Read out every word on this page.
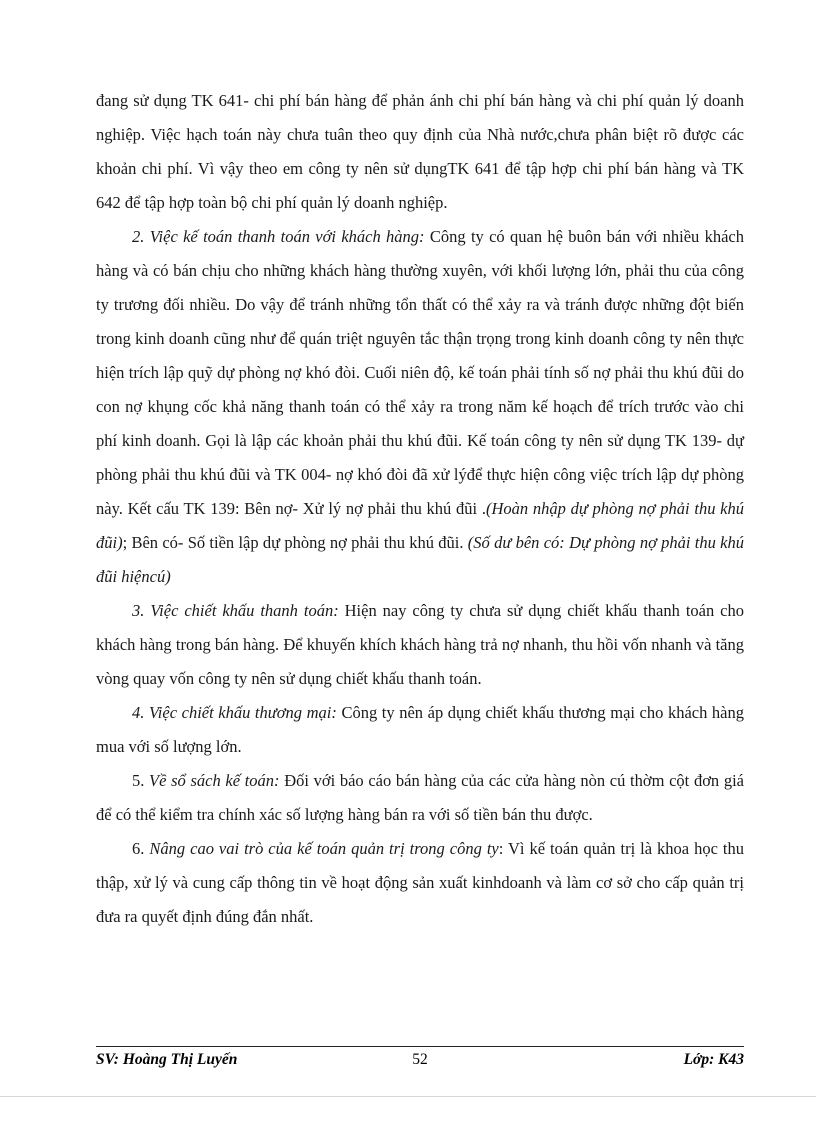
đang sử dụng TK 641- chi phí bán hàng để phản ánh chi phí bán hàng và chi phí quản lý doanh nghiệp. Việc hạch toán này chưa tuân theo quy định của Nhà nước,chưa phân biệt rõ được các khoản chi phí. Vì vậy theo em công ty nên sử dụngTK 641 để tập hợp chi phí bán hàng và TK 642 để tập hợp toàn bộ chi phí quản lý doanh nghiệp.

2. Việc kế toán thanh toán với khách hàng: Công ty có quan hệ buôn bán với nhiều khách hàng và có bán chịu cho những khách hàng thường xuyên, với khối lượng lớn, phải thu của công ty trương đối nhiều. Do vậy để tránh những tổn thất có thể xảy ra và tránh được những đột biến trong kinh doanh cũng như để quán triệt nguyên tắc thận trọng trong kinh doanh công ty nên thực hiện trích lập quỹ dự phòng nợ khó đòi. Cuối niên độ, kế toán phải tính số nợ phải thu khú đũi do con nợ khụng cốc khả năng thanh toán có thể xảy ra trong năm kế hoạch để trích trước vào chi phí kinh doanh. Gọi là lập các khoản phải thu khú đũi. Kế toán công ty nên sử dụng TK 139- dự phòng phải thu khú đũi và TK 004- nợ khó đòi đã xử lýđể thực hiện công việc trích lập dự phòng này. Kết cấu TK 139: Bên nợ- Xử lý nợ phải thu khú đũi .(Hoàn nhập dự phòng nợ phải thu khú đũi); Bên có- Số tiền lập dự phòng nợ phải thu khú đũi. (Số dư bên có: Dự phòng nợ phải thu khú đũi hiệncú)

3. Việc chiết khấu thanh toán: Hiện nay công ty chưa sử dụng chiết khấu thanh toán cho khách hàng trong bán hàng. Để khuyến khích khách hàng trả nợ nhanh, thu hồi vốn nhanh và tăng vòng quay vốn công ty nên sử dụng chiết khấu thanh toán.

4. Việc chiết khấu thương mại: Công ty nên áp dụng chiết khấu thương mại cho khách hàng mua với số lượng lớn.

5. Về sổ sách kế toán: Đối với báo cáo bán hàng của các cửa hàng nòn cú thờm cột đơn giá để có thể kiểm tra chính xác số lượng hàng bán ra với số tiền bán thu được.

6. Nâng cao vai trò của kế toán quản trị trong công ty: Vì kế toán quản trị là khoa học thu thập, xử lý và cung cấp thông tin về hoạt động sản xuất kinhdoanh và làm cơ sở cho cấp quản trị đưa ra quyết định đúng đắn nhất.

SV: Hoàng Thị Luyến	52	Lớp: K43
